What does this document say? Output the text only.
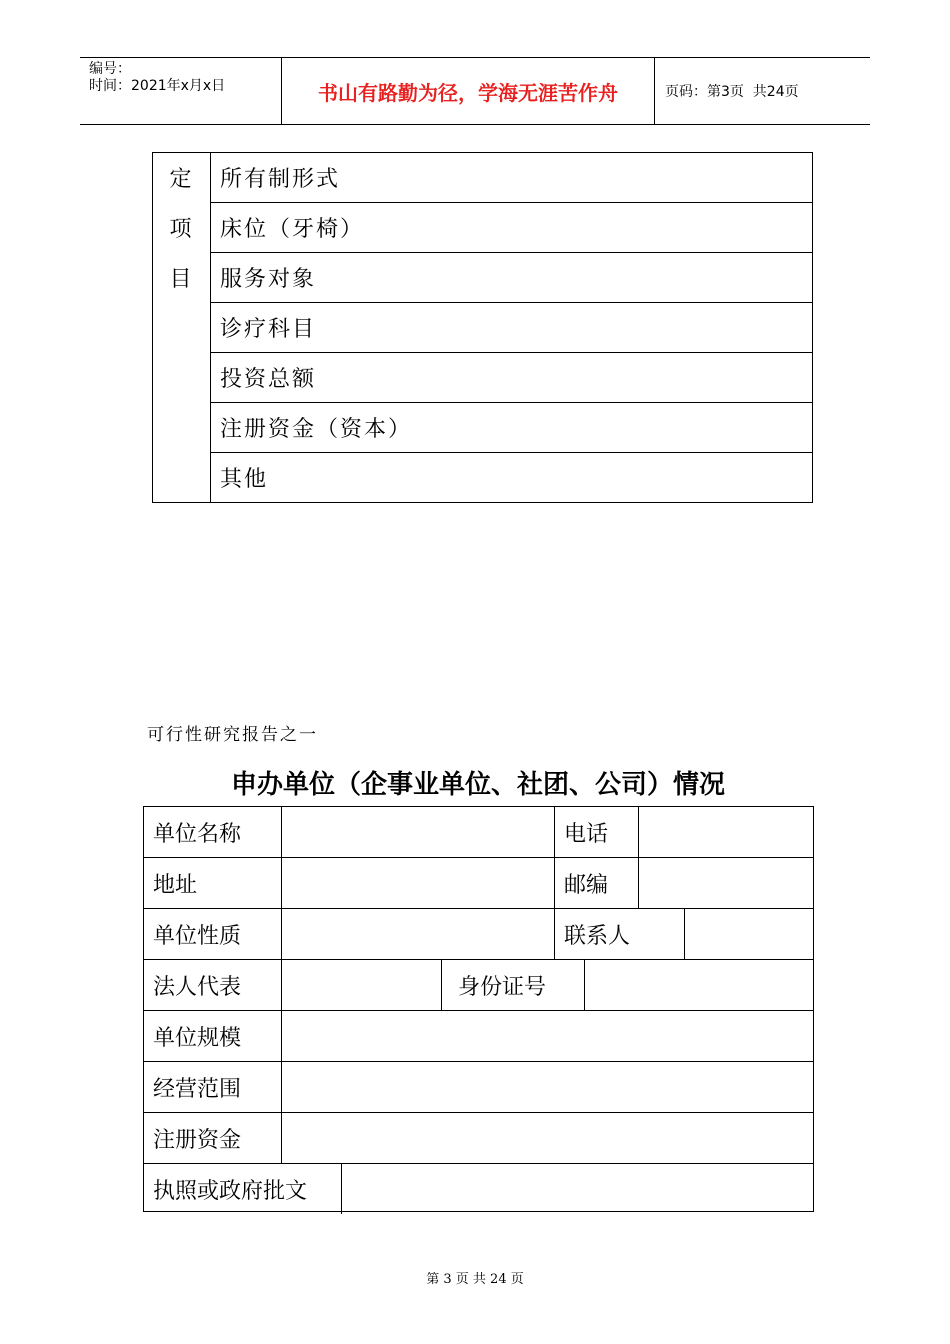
编号：
时间：2021年x月x日	书山有路勤为径，学海无涯苦作舟	页码：第3页  共24页
定
项
目
	所有制形式
床位（牙椅）
服务对象
诊疗科目
投资总额
注册资金（资本）
其他
可行性研究报告之一
申办单位（企事业单位、社团、公司）情况
单位名称	电话
地址	邮编
单位性质	联系人
法人代表	身份证号
单位规模
经营范围
注册资金
执照或政府批文
第 3 页 共 24 页
